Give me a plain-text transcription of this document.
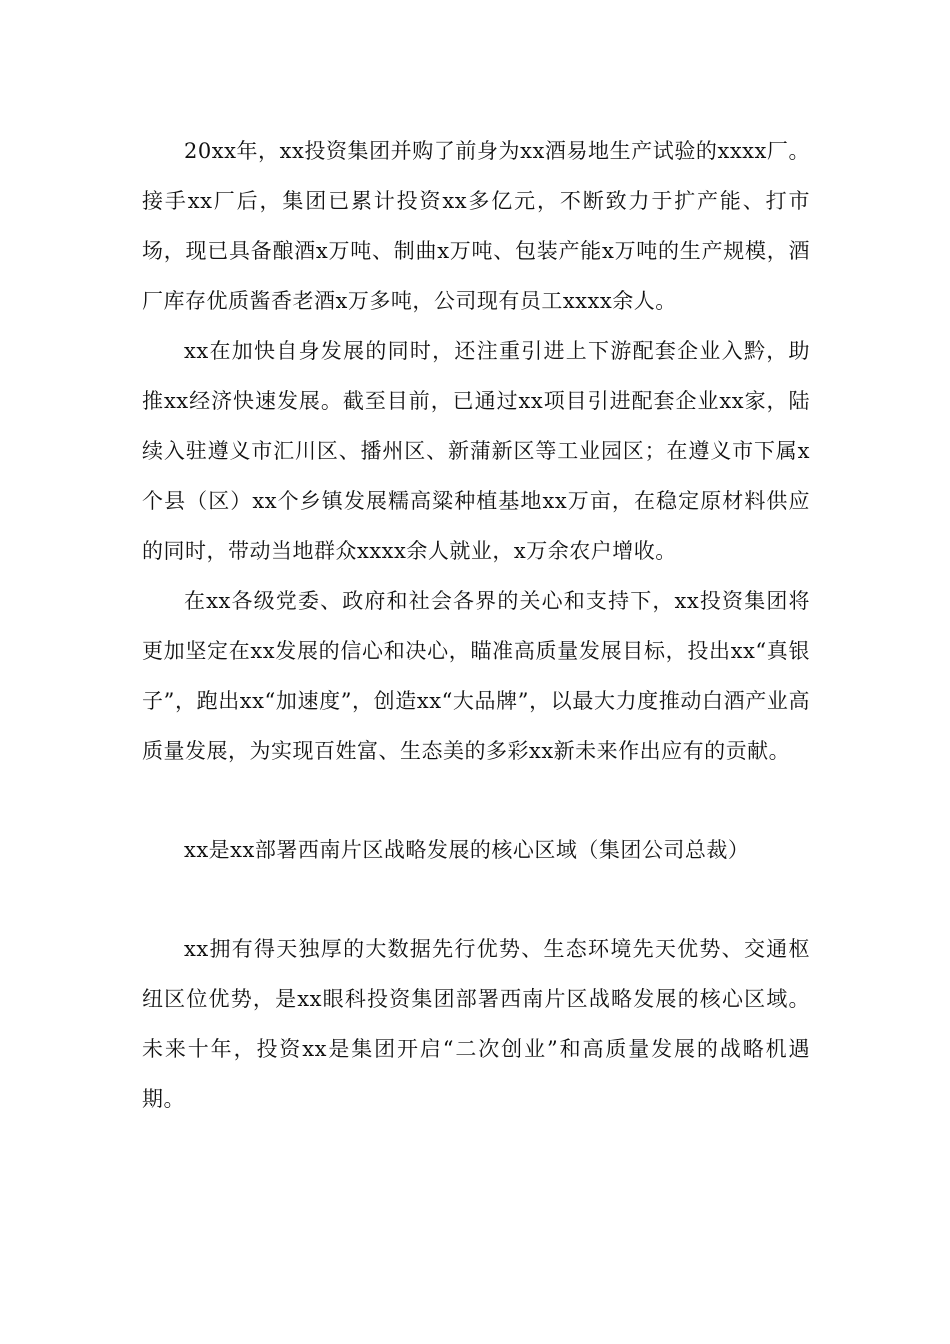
20xx年，xx投资集团并购了前身为xx酒易地生产试验的xxxx厂。接手xx厂后，集团已累计投资xx多亿元，不断致力于扩产能、打市场，现已具备酿酒x万吨、制曲x万吨、包装产能x万吨的生产规模，酒厂库存优质酱香老酒x万多吨，公司现有员工xxxx余人。

xx在加快自身发展的同时，还注重引进上下游配套企业入黔，助推xx经济快速发展。截至目前，已通过xx项目引进配套企业xx家，陆续入驻遵义市汇川区、播州区、新蒲新区等工业园区；在遵义市下属x个县（区）xx个乡镇发展糯高粱种植基地xx万亩，在稳定原材料供应的同时，带动当地群众xxxx余人就业，x万余农户增收。

在xx各级党委、政府和社会各界的关心和支持下，xx投资集团将更加坚定在xx发展的信心和决心，瞄准高质量发展目标，投出xx“真银子”，跑出xx“加速度”，创造xx“大品牌”，以最大力度推动白酒产业高质量发展，为实现百姓富、生态美的多彩xx新未来作出应有的贡献。

xx是xx部署西南片区战略发展的核心区域（集团公司总裁）

xx拥有得天独厚的大数据先行优势、生态环境先天优势、交通枢纽区位优势，是xx眼科投资集团部署西南片区战略发展的核心区域。未来十年，投资xx是集团开启“二次创业”和高质量发展的战略机遇期。
